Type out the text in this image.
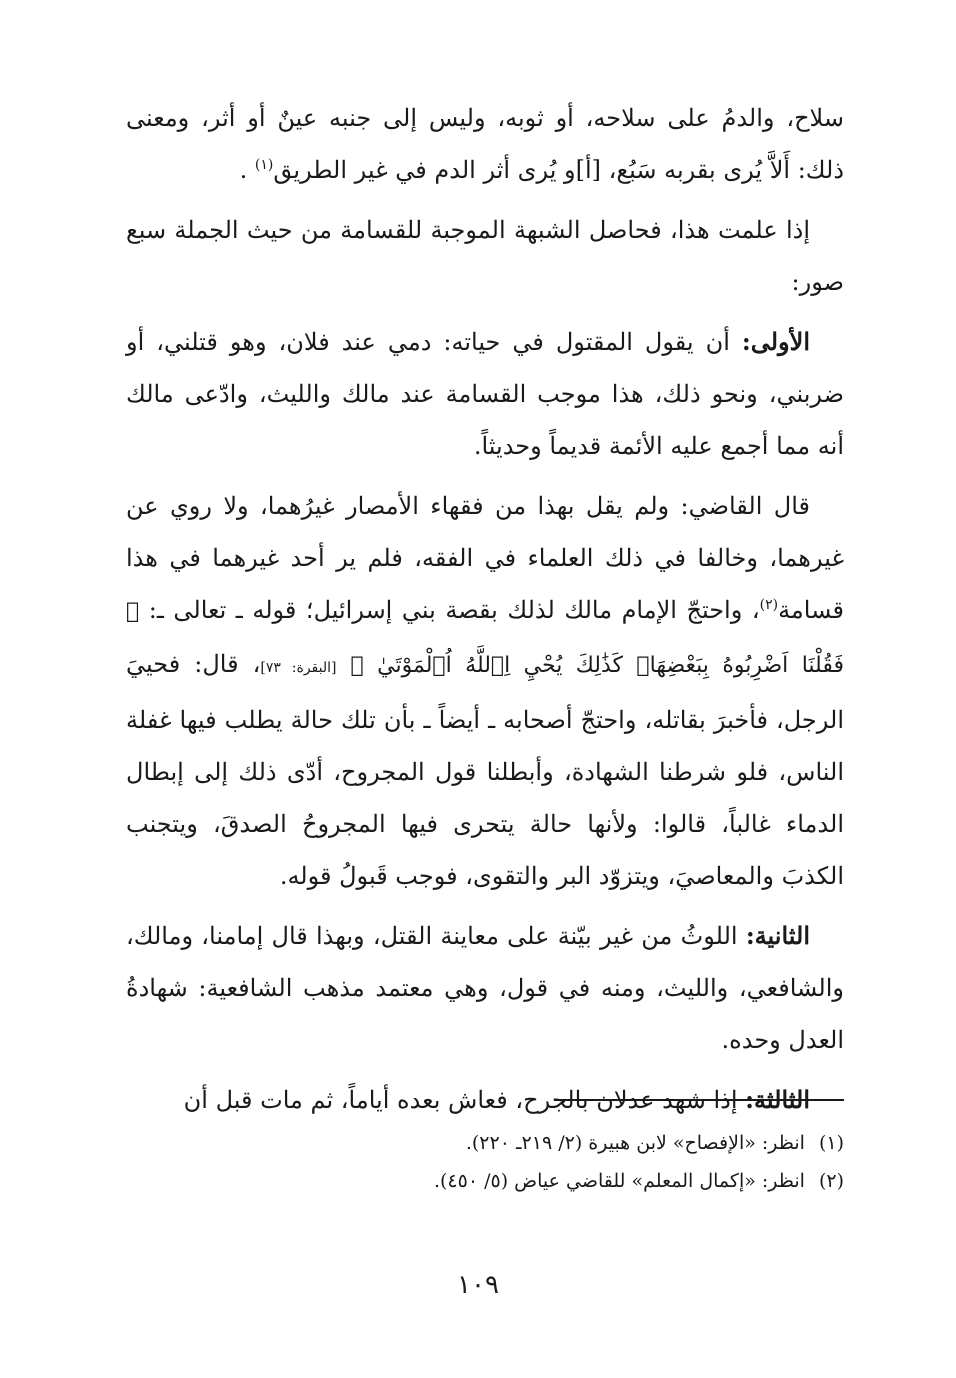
سلاح، والدمُ على سلاحه، أو ثوبه، وليس إلى جنبه عينٌ أو أثر، ومعنى ذلك: أَلاَّ يُرى بقربه سَبُع، [أ]و يُرى أثر الدم في غير الطريق$^{(١)}$ .

إذا علمت هذا، فحاصل الشبهة الموجبة للقسامة من حيث الجملة سبع صور:

الأولى: أن يقول المقتول في حياته: دمي عند فلان، وهو قتلني، أو ضربني، ونحو ذلك، هذا موجب القسامة عند مالك والليث، وادّعى مالك أنه مما أجمع عليه الأئمة قديماً وحديثاً.

قال القاضي: ولم يقل بهذا من فقهاء الأمصار غيرُهما، ولا روي عن غيرهما، وخالفا في ذلك العلماء في الفقه، فلم ير أحد غيرهما في هذا قسامة$^{(٢)}$، واحتجّ الإمام مالك لذلك بقصة بني إسرائيل؛ قوله ـ تعالى ـ: ﴿ فَقُلْنَا اَضْرِبُوهُ بِبَعْضِهَاۚ كَذَٰلِكَ يُحْيِ اِ۬للَّهُ اُ۬لْمَوْتَيٰ ﴾ [البقرة: ٧٣]، قال: فحييَ الرجل، فأخبرَ بقاتله، واحتجّ أصحابه ـ أيضاً ـ بأن تلك حالة يطلب فيها غفلة الناس، فلو شرطنا الشهادة، وأبطلنا قول المجروح، أدّى ذلك إلى إبطال الدماء غالباً، قالوا: ولأنها حالة يتحرى فيها المجروحُ الصدقَ، ويتجنب الكذبَ والمعاصيَ، ويتزوّد البر والتقوى، فوجب قَبولُ قوله.

الثانية: اللوثُ من غير بيّنة على معاينة القتل، وبهذا قال إمامنا، ومالك، والشافعي، والليث، ومنه في قول، وهي معتمد مذهب الشافعية: شهادةُ العدل وحده.

الثالثة: إذا شهد عدلان بالجرح، فعاش بعده أياماً، ثم مات قبل أن

(١)انظر: «الإفصاح» لابن هبيرة (٢/ ٢١٩ـ ٢٢٠).

(٢)انظر: «إكمال المعلم» للقاضي عياض (٥/ ٤٥٠).

١٠٩
